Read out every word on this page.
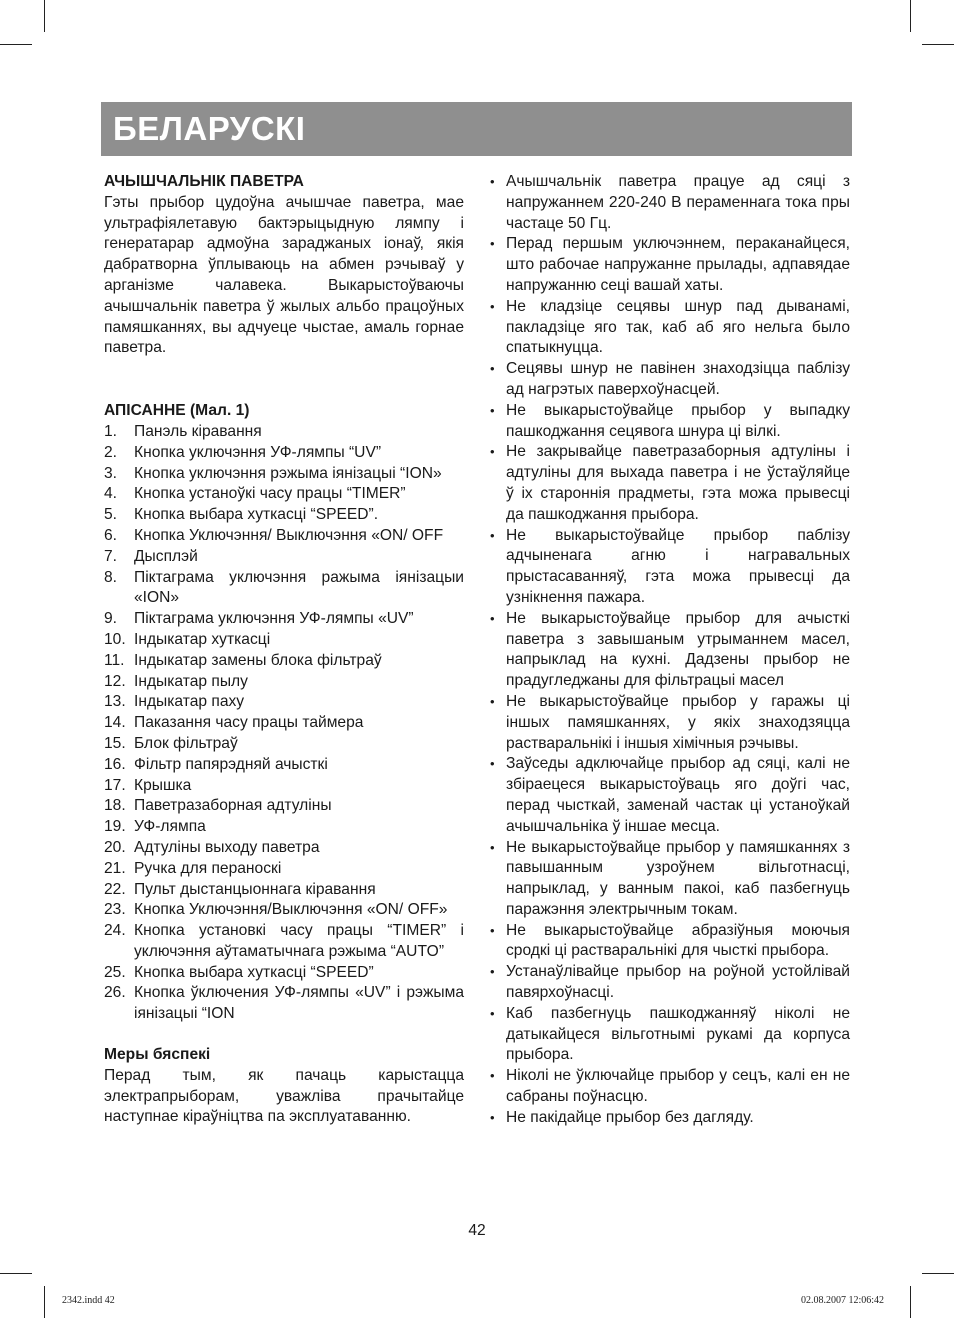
БЕЛАРУСКI
АЧЫШЧАЛЬНIК ПАВЕТРА
Гэты прыбор цудоўна ачышчае паветра, мае ультрафiялетавую бактэрыцыдную лямпу i генератарар адмоўна зараджаных iонаў, якiя дабратворна ўплываюць на абмен рэчываў у арганiзме чалавека. Выкарыстоўваючы ачышчальнiк паветра ў жылых альбо працоўных памяшканнях, вы адчуеце чыстае, амаль горнае паветра.
АПIСАННЕ (Мал. 1)
1.	Панэль кiравання
2.	Кнопка уключэння УФ-лямпы “UV”
3.	Кнопка уключэння рэжыма iянiзацыi “ION»
4.	Кнопка устаноўкi часу працы “TIMER”
5.	Кнопка выбара хуткасцi “SPEED”.
6.	Кнопка Уключэння/ Выключэння «ON/ OFF
7.	Дысплэй
8.	Пiктаграма уключэння ражыма iянiзацыи «ION»
9.	Пiктаграма уключэння УФ-лямпы «UV”
10. Iндыкатар хуткасцi
11. Iндыкатар замены блока фiльтраў
12. Iндыкатар пылу
13. Iндыкатар паху
14. Паказання часу працы таймера
15. Блок фiльтраў
16. Фiльтр папярэдняй ачысткi
17. Крышка
18. Паветразаборная адтулiны
19. УФ-лямпа
20. Адтулiны выходу паветра
21. Ручка для пераноскi
22. Пульт дыстанцыоннага кiравання
23. Кнопка Уключэння/Выключэння «ON/ OFF»
24. Кнопка установкi часу працы “TIMER” i уключэння аўтаматычнага рэжыма “AUTO”
25. Кнопка выбара хуткасцi “SPEED”
26. Кнопка ўключения УФ-лямпы «UV” i рэжыма iянiзацыi “ION
Меры бяспекi
Перад тым, як пачаць карыстацца электрапрыборам, уважлiва прачытайце наступнае кiраўнiцтва па эксплуатаванню.
• Ачышчальнiк паветра працуе ад сяцi з напружаннем 220-240 В пераменнага тока пры частаце 50 Гц.
• Перад першым уключэннем, пераканайцеся, што рабочае напружанне прылады, адпавядае напружанню сецi вашай хаты.
• Не кладзiце сецявы шнур пад дыванамi, пакладзiце яго так, каб аб яго нельга было спатыкнуцца.
• Сецявы шнур не павiнен знаходзiцца паблiзу ад нагрэтых паверхоўнасцей.
• Не выкарыстоўвайце прыбор у выпадку пашкоджання сецявога шнура цi вiлкi.
• Не закрывайце паветразаборныя адтулiны i адтулiны для выхада паветра i не ўстаўляйце ў iх староннiя прадметы, гэта можа прывесцi да пашкоджання прыбора.
• Не выкарыстоўвайце прыбор паблiзу адчыненага агню i награвальных прыстасаванняў, гэта можа прывесцi да узнiкнення пажара.
• Не выкарыстоўвайце прыбор для ачысткi паветра з завышаным утрыманнем масел, напрыклад на кухнi. Дадзены прыбор не прадугледжаны для фiльтрацыi масел
• Не выкарыстоўвайце прыбор у гаражы цi iншых памяшканнях, у якiх знаходзяцца растваральнiкi i iншыя хiмiчныя рэчывы.
• Заўседы адключайце прыбор ад сяцi, калi не збiраецеся выкарыстоўваць яго доўгi час, перад чысткай, заменай частак цi устаноўкай ачышчальнiка ў iншае месца.
• Не выкарыстоўвайце прыбор у памяшканнях з павышанным узроўнем вiльготнасцi, напрыклад, у ванным пакоi, каб пазбегнуць паражэння электрычным токам.
• Не выкарыстоўвайце абразiўныя моючыя сродкi цi растваральнiкi для чысткi прыбора.
• Устанаўлiвайце прыбор на роўной устойлiвай павярхоўнасцi.
• Каб пазбегнуць пашкоджанняў нiколi не датыкайцеся вiльготнымi рукамi да корпуса прыбора.
• Нiколi не ўключайце прыбор у сецъ, калi ен не сабраны поўнасцю.
• Не пакiдайце прыбор без дагляду.
42
2342.indd 42	02.08.2007 12:06:42
